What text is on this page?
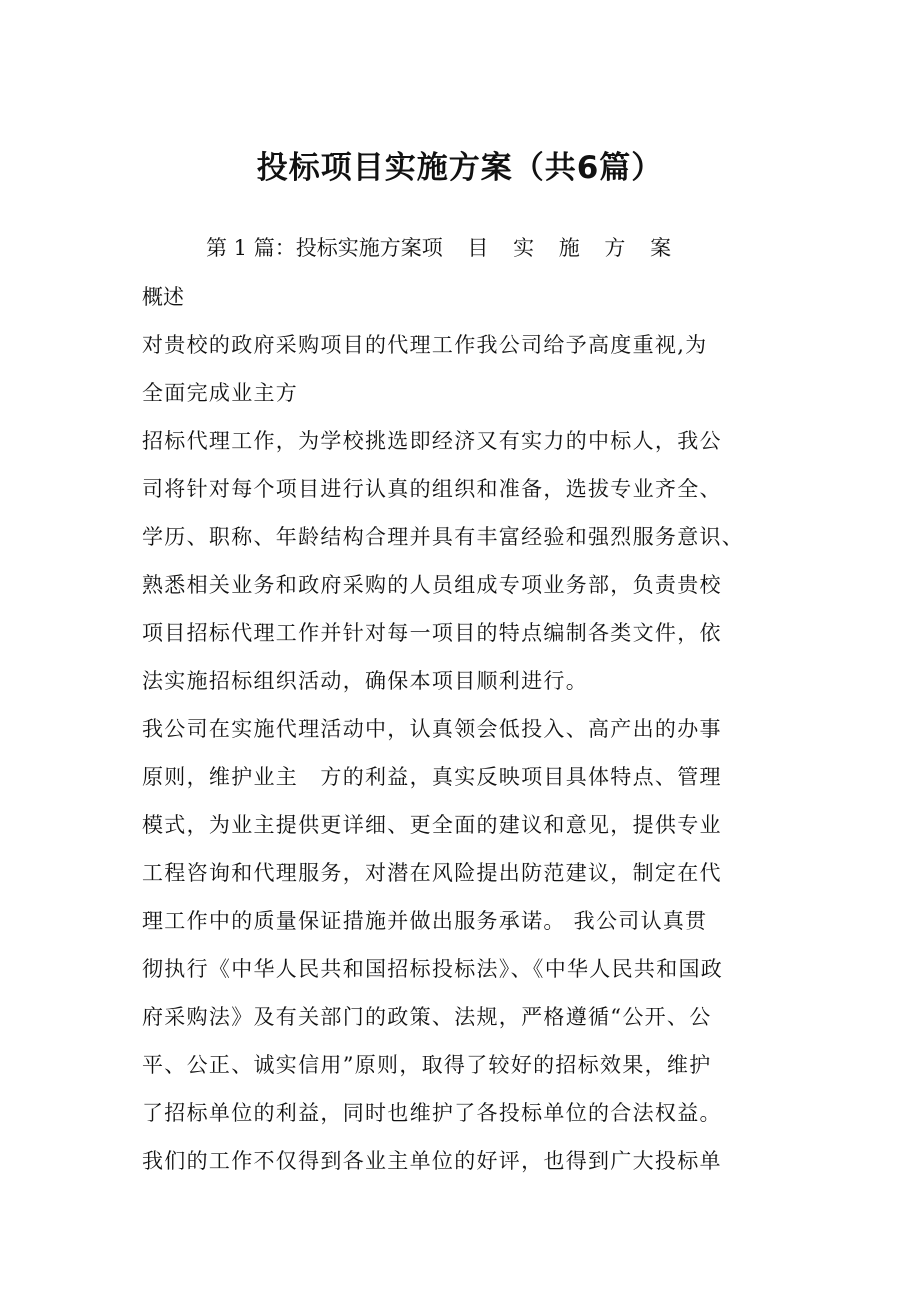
投标项目实施方案（共6篇）
第 1 篇：投标实施方案项 目 实 施 方 案
概述
对贵校的政府采购项目的代理工作我公司给予高度重视,为
全面完成业主方
招标代理工作，为学校挑选即经济又有实力的中标人，我公
司将针对每个项目进行认真的组织和准备，选拔专业齐全、
学历、职称、年龄结构合理并具有丰富经验和强烈服务意识、
熟悉相关业务和政府采购的人员组成专项业务部，负责贵校
项目招标代理工作并针对每一项目的特点编制各类文件，依
法实施招标组织活动，确保本项目顺利进行。
我公司在实施代理活动中，认真领会低投入、高产出的办事
原则，维护业主　方的利益，真实反映项目具体特点、管理
模式，为业主提供更详细、更全面的建议和意见，提供专业
工程咨询和代理服务，对潜在风险提出防范建议，制定在代
理工作中的质量保证措施并做出服务承诺。 我公司认真贯
彻执行《中华人民共和国招标投标法》、《中华人民共和国政
府采购法》及有关部门的政策、法规，严格遵循“公开、公
平、公正、诚实信用”原则，取得了较好的招标效果，维护
了招标单位的利益，同时也维护了各投标单位的合法权益。
我们的工作不仅得到各业主单位的好评，也得到广大投标单
